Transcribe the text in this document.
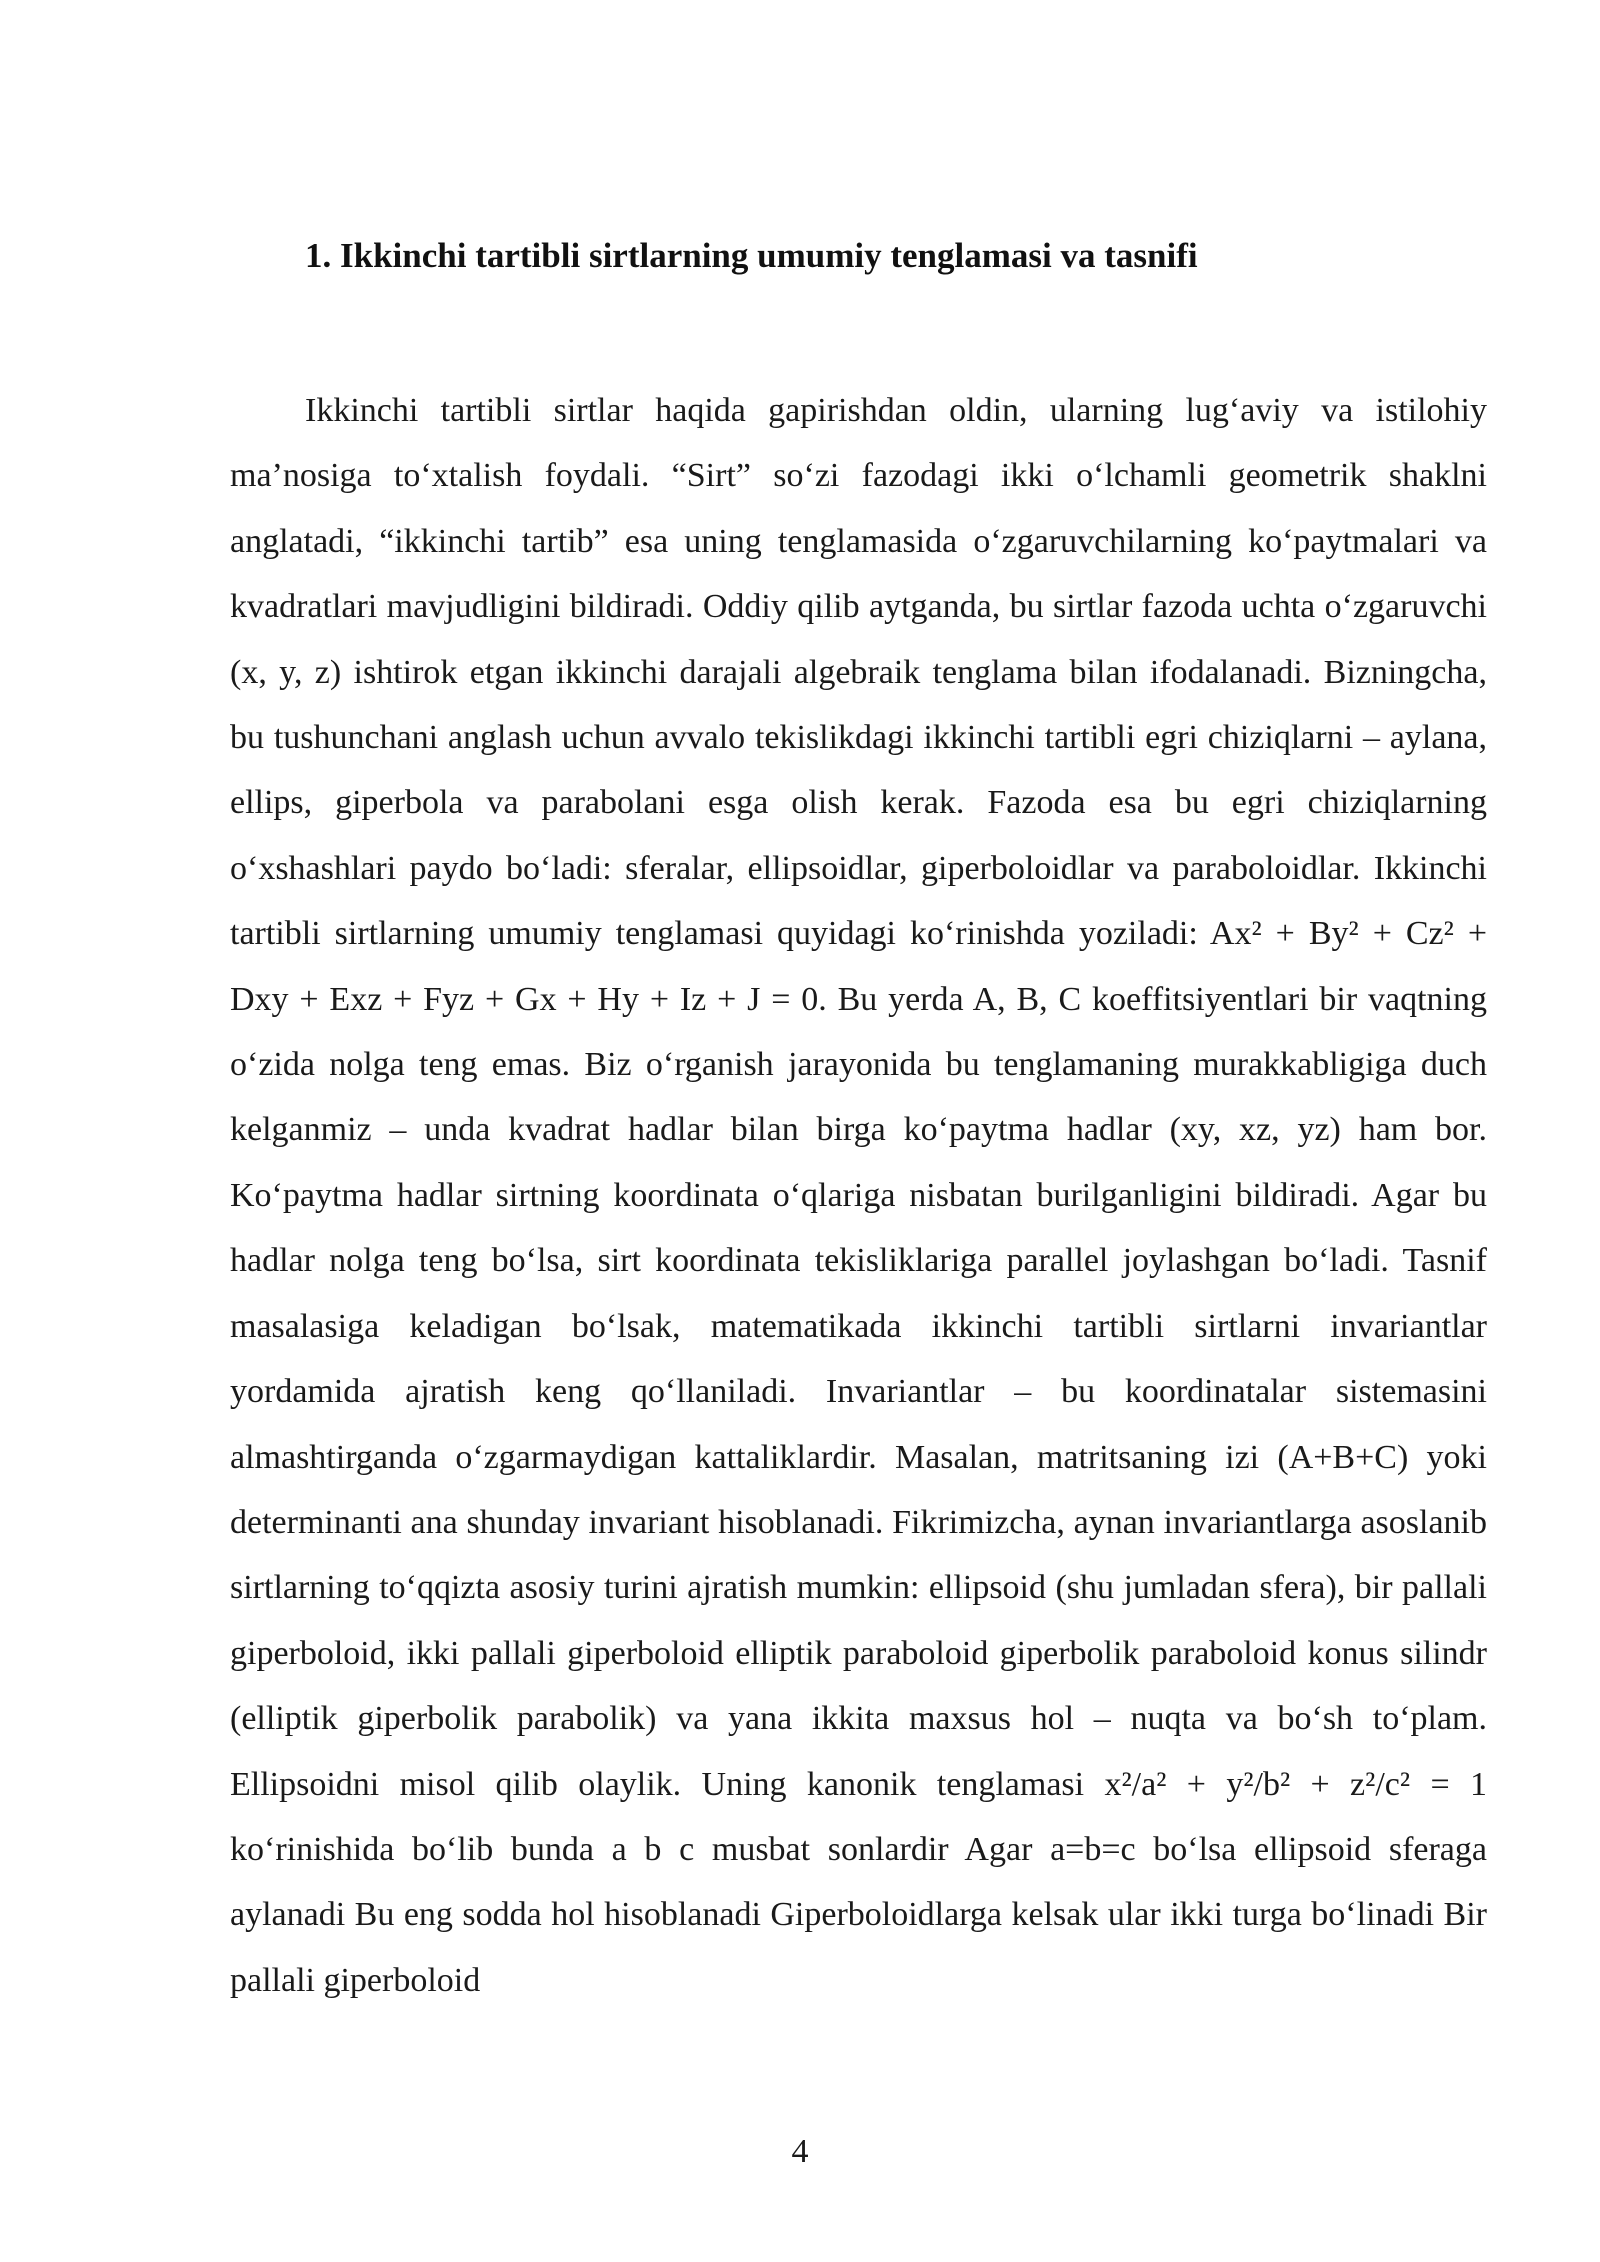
1. Ikkinchi tartibli sirtlarning umumiy tenglamasi va tasnifi

Ikkinchi tartibli sirtlar haqida gapirishdan oldin, ularning lug‘aviy va istilohiy ma’nosiga to‘xtalish foydali. “Sirt” so‘zi fazodagi ikki o‘lchamli geometrik shaklni anglatadi, “ikkinchi tartib” esa uning tenglamasida o‘zgaruvchilarning ko‘paytmalari va kvadratlari mavjudligini bildiradi. Oddiy qilib aytganda, bu sirtlar fazoda uchta o‘zgaruvchi (x, y, z) ishtirok etgan ikkinchi darajali algebraik tenglama bilan ifodalanadi. Bizningcha, bu tushunchani anglash uchun avvalo tekislikdagi ikkinchi tartibli egri chiziqlarni – aylana, ellips, giperbola va parabolani esga olish kerak. Fazoda esa bu egri chiziqlarning o‘xshashlari paydo bo‘ladi: sferalar, ellipsoidlar, giperboloidlar va paraboloidlar. Ikkinchi tartibli sirtlarning umumiy tenglamasi quyidagi ko‘rinishda yoziladi: Ax² + By² + Cz² + Dxy + Exz + Fyz + Gx + Hy + Iz + J = 0. Bu yerda A, B, C koeffitsiyentlari bir vaqtning o‘zida nolga teng emas. Biz o‘rganish jarayonida bu tenglamaning murakkabligiga duch kelganmiz – unda kvadrat hadlar bilan birga ko‘paytma hadlar (xy, xz, yz) ham bor. Ko‘paytma hadlar sirtning koordinata o‘qlariga nisbatan burilganligini bildiradi. Agar bu hadlar nolga teng bo‘lsa, sirt koordinata tekisliklariga parallel joylashgan bo‘ladi. Tasnif masalasiga keladigan bo‘lsak, matematikada ikkinchi tartibli sirtlarni invariantlar yordamida ajratish keng qo‘llaniladi. Invariantlar – bu koordinatalar sistemasini almashtirganda o‘zgarmaydigan kattaliklardir. Masalan, matritsaning izi (A+B+C) yoki determinanti ana shunday invariant hisoblanadi. Fikrimizcha, aynan invariantlarga asoslanib sirtlarning to‘qqizta asosiy turini ajratish mumkin: ellipsoid (shu jumladan sfera), bir pallali giperboloid, ikki pallali giperboloid elliptik paraboloid giperbolik paraboloid konus silindr (elliptik giperbolik parabolik) va yana ikkita maxsus hol – nuqta va bo‘sh to‘plam. Ellipsoidni misol qilib olaylik. Uning kanonik tenglamasi x²/a² + y²/b² + z²/c² = 1 ko‘rinishida bo‘lib bunda a b c musbat sonlardir Agar a=b=c bo‘lsa ellipsoid sferaga aylanadi Bu eng sodda hol hisoblanadi Giperboloidlarga kelsak ular ikki turga bo‘linadi Bir pallali giperboloid

4
